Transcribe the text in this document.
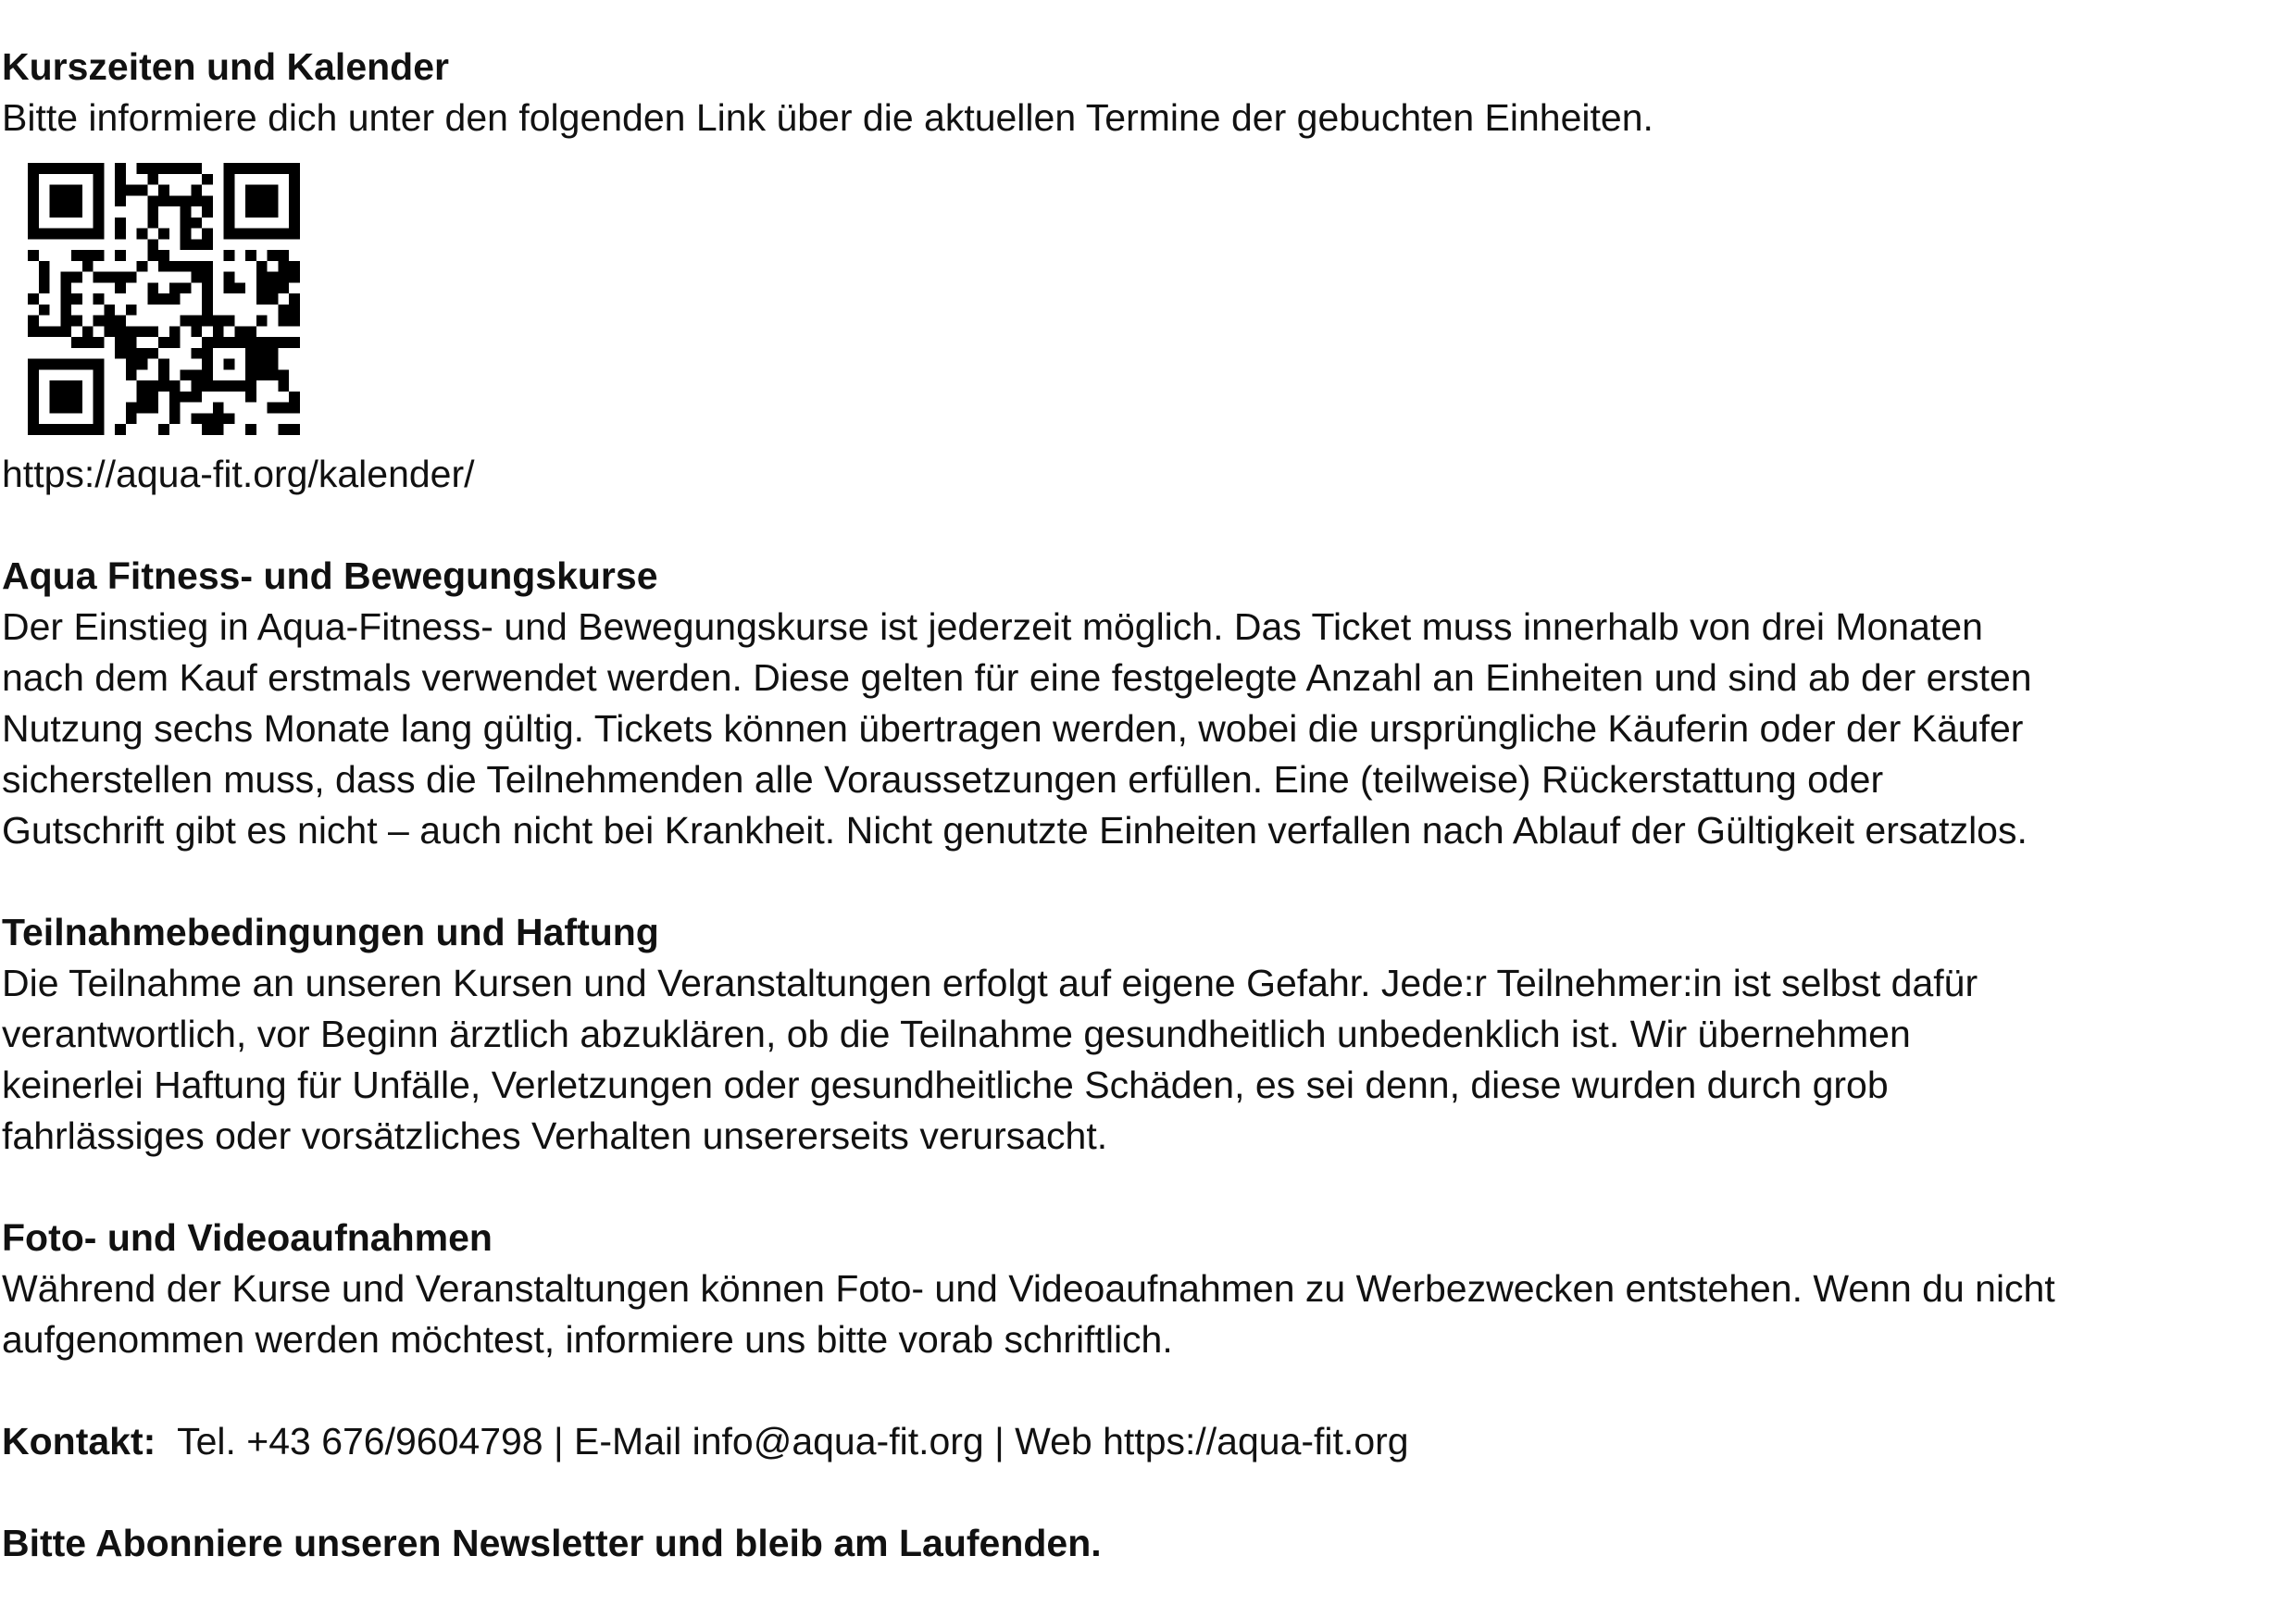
Kurszeiten und Kalender
Bitte informiere dich unter den folgenden Link über die aktuellen Termine der gebuchten Einheiten.
https://aqua-fit.org/kalender/
Aqua Fitness- und Bewegungskurse
Der Einstieg in Aqua-Fitness- und Bewegungskurse ist jederzeit möglich. Das Ticket muss innerhalb von drei Monaten
nach dem Kauf erstmals verwendet werden. Diese gelten für eine festgelegte Anzahl an Einheiten und sind ab der ersten
Nutzung sechs Monate lang gültig. Tickets können übertragen werden, wobei die ursprüngliche Käuferin oder der Käufer
sicherstellen muss, dass die Teilnehmenden alle Voraussetzungen erfüllen. Eine (teilweise) Rückerstattung oder
Gutschrift gibt es nicht – auch nicht bei Krankheit. Nicht genutzte Einheiten verfallen nach Ablauf der Gültigkeit ersatzlos.
Teilnahmebedingungen und Haftung
Die Teilnahme an unseren Kursen und Veranstaltungen erfolgt auf eigene Gefahr. Jede:r Teilnehmer:in ist selbst dafür
verantwortlich, vor Beginn ärztlich abzuklären, ob die Teilnahme gesundheitlich unbedenklich ist. Wir übernehmen
keinerlei Haftung für Unfälle, Verletzungen oder gesundheitliche Schäden, es sei denn, diese wurden durch grob
fahrlässiges oder vorsätzliches Verhalten unsererseits verursacht.
Foto- und Videoaufnahmen
Während der Kurse und Veranstaltungen können Foto- und Videoaufnahmen zu Werbezwecken entstehen. Wenn du nicht
aufgenommen werden möchtest, informiere uns bitte vorab schriftlich.
Kontakt: Tel. +43 676/9604798 | E-Mail info@aqua-fit.org | Web https://aqua-fit.org
Bitte Abonniere unseren Newsletter und bleib am Laufenden.
